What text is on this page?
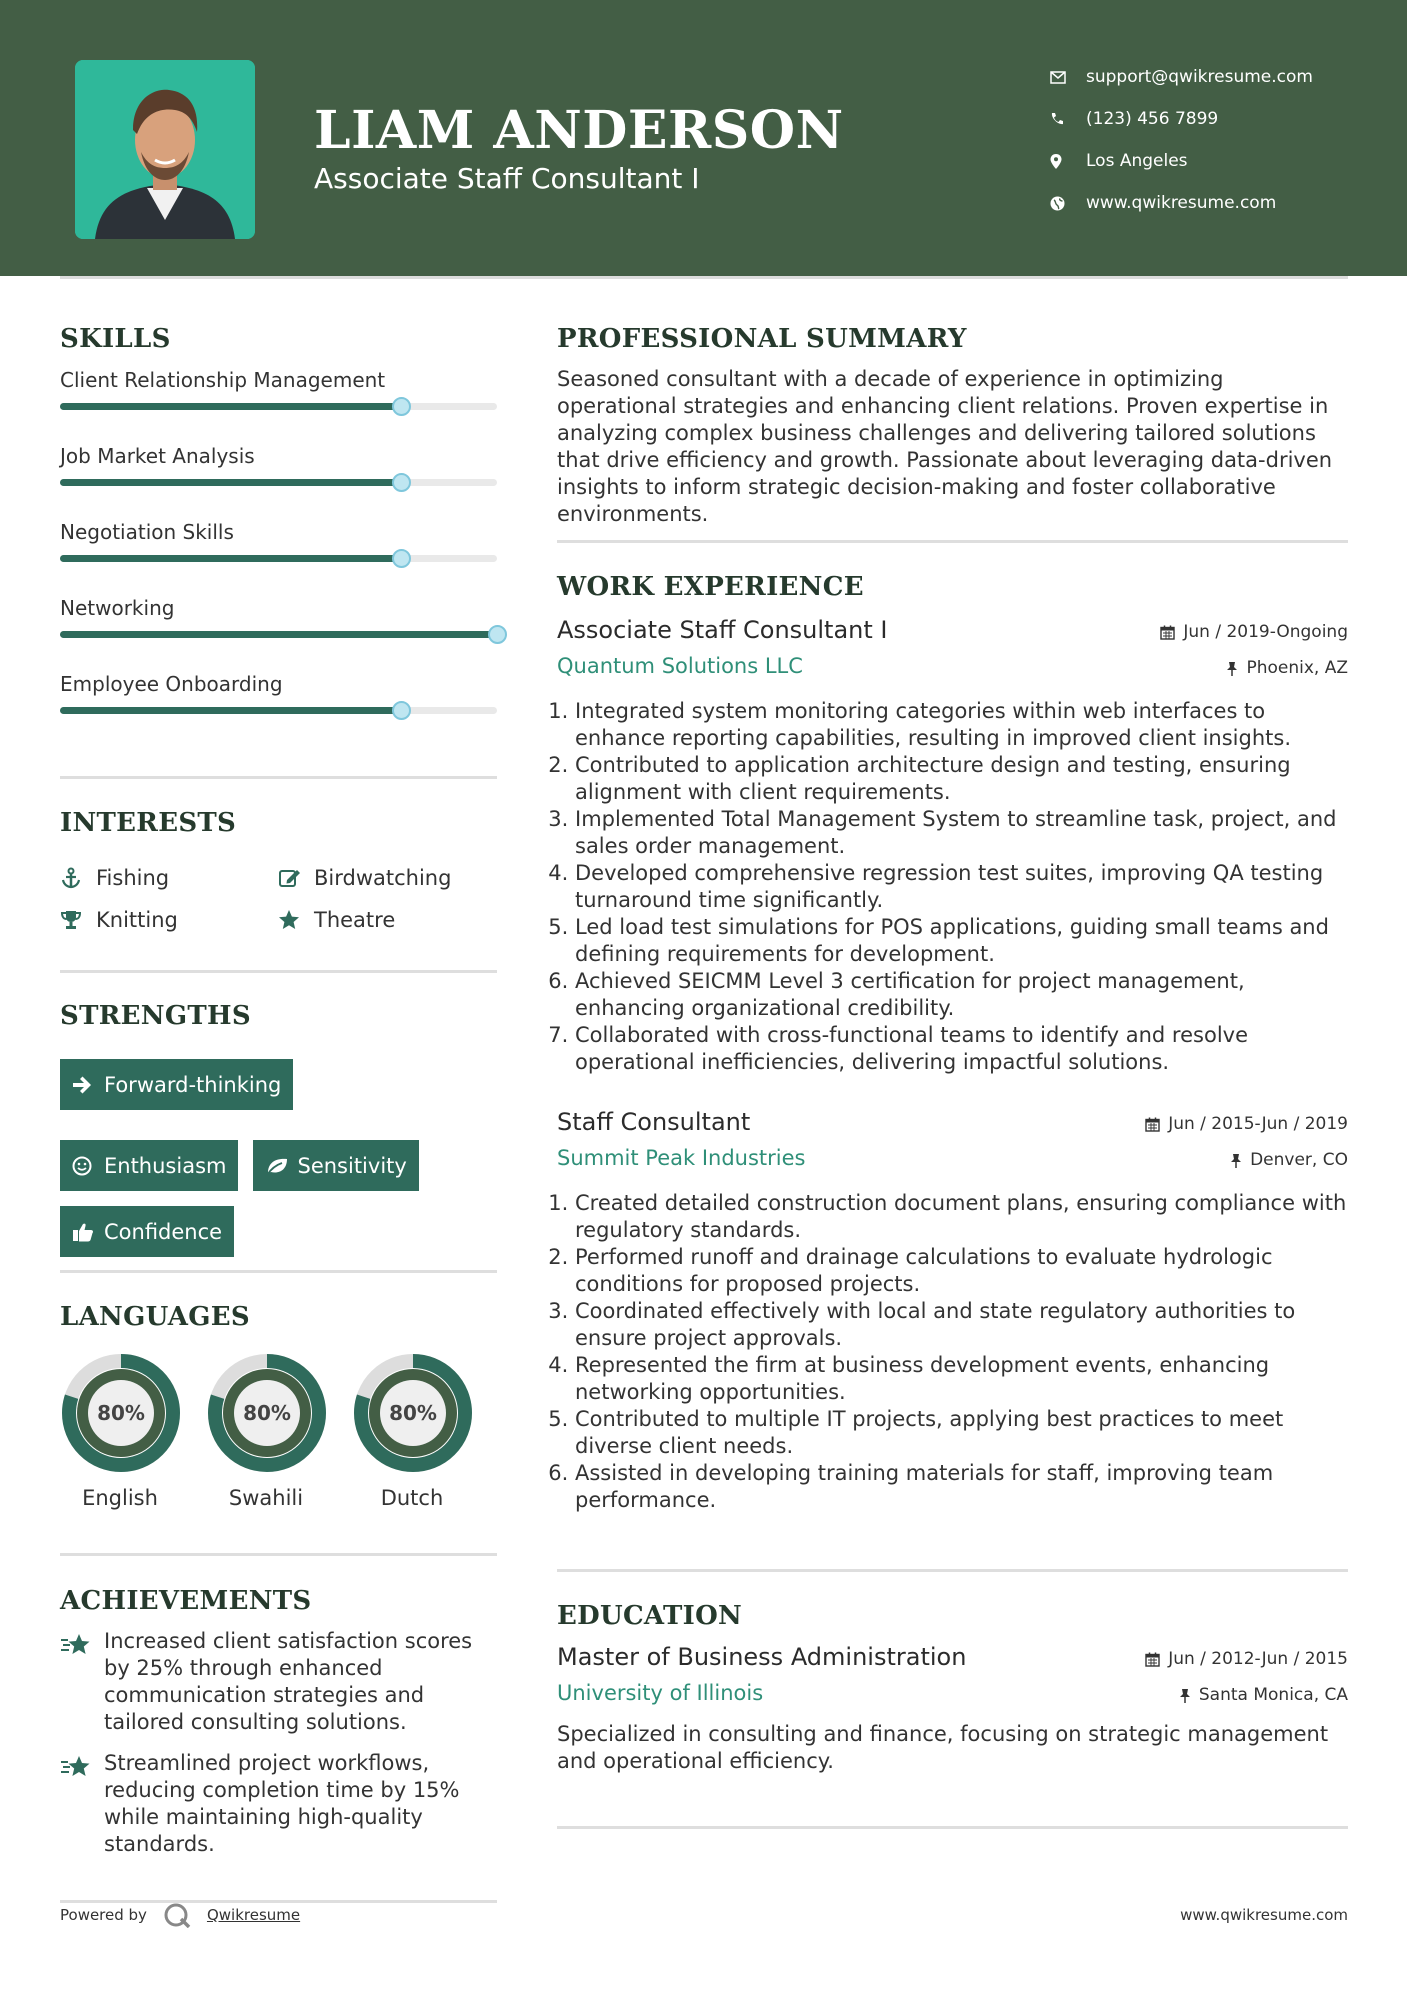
LIAM ANDERSON
Associate Staff Consultant I
support@qwikresume.com
(123) 456 7899
Los Angeles
www.qwikresume.com
SKILLS
Client Relationship Management
Job Market Analysis
Negotiation Skills
Networking
Employee Onboarding
INTERESTS
Fishing	Birdwatching
Knitting	Theatre
STRENGTHS
Forward-thinking
Enthusiasm	Sensitivity
Confidence
LANGUAGES
80%
English
80%
Swahili
80%
Dutch
ACHIEVEMENTS
Increased client satisfaction scores by 25% through enhanced communication strategies and tailored consulting solutions.
Streamlined project workflows, reducing completion time by 15% while maintaining high-quality standards.
PROFESSIONAL SUMMARY
Seasoned consultant with a decade of experience in optimizing operational strategies and enhancing client relations. Proven expertise in analyzing complex business challenges and delivering tailored solutions that drive efficiency and growth. Passionate about leveraging data-driven insights to inform strategic decision-making and foster collaborative environments.
WORK EXPERIENCE
Associate Staff Consultant I	Jun / 2019-Ongoing
Quantum Solutions LLC	Phoenix, AZ
1. Integrated system monitoring categories within web interfaces to enhance reporting capabilities, resulting in improved client insights.
2. Contributed to application architecture design and testing, ensuring alignment with client requirements.
3. Implemented Total Management System to streamline task, project, and sales order management.
4. Developed comprehensive regression test suites, improving QA testing turnaround time significantly.
5. Led load test simulations for POS applications, guiding small teams and defining requirements for development.
6. Achieved SEICMM Level 3 certification for project management, enhancing organizational credibility.
7. Collaborated with cross-functional teams to identify and resolve operational inefficiencies, delivering impactful solutions.
Staff Consultant	Jun / 2015-Jun / 2019
Summit Peak Industries	Denver, CO
1. Created detailed construction document plans, ensuring compliance with regulatory standards.
2. Performed runoff and drainage calculations to evaluate hydrologic conditions for proposed projects.
3. Coordinated effectively with local and state regulatory authorities to ensure project approvals.
4. Represented the firm at business development events, enhancing networking opportunities.
5. Contributed to multiple IT projects, applying best practices to meet diverse client needs.
6. Assisted in developing training materials for staff, improving team performance.
EDUCATION
Master of Business Administration	Jun / 2012-Jun / 2015
University of Illinois	Santa Monica, CA
Specialized in consulting and finance, focusing on strategic management and operational efficiency.
Powered by	Qwikresume	www.qwikresume.com
